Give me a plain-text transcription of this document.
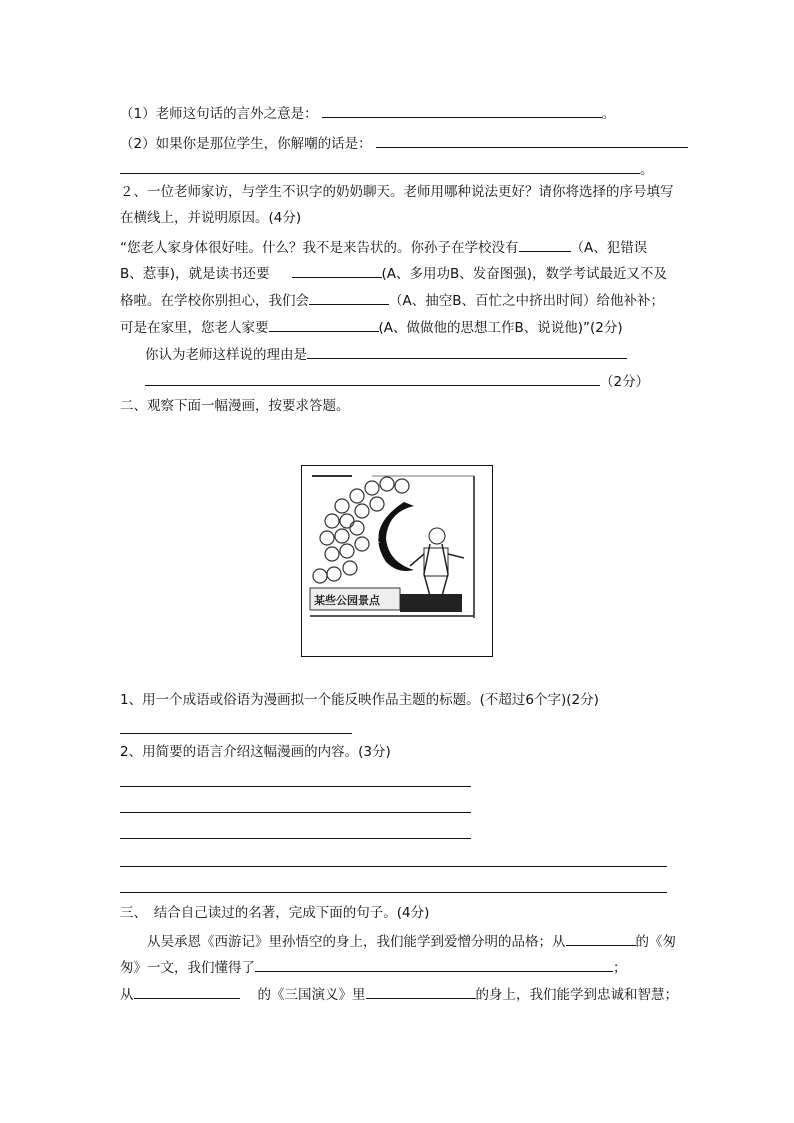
（1）老师这句话的言外之意是：	。
（2）如果你是那位学生，你解嘲的话是：
。
２、一位老师家访，与学生不识字的奶奶聊天。老师用哪种说法更好？请你将选择的序号填写
在横线上，并说明原因。(4分)
“您老人家身体很好哇。什么？我不是来告状的。你孙子在学校没有	（A、犯错误
B、惹事)，就是读书还要	(A、多用功B、发奋图强)，数学考试最近又不及
格啦。在学校你别担心，我们会	（A、抽空B、百忙之中挤出时间）给他补补；
可是在家里，您老人家要	(A、做做他的思想工作B、说说他)”(2分)
你认为老师这样说的理由是
（2分）
二、观察下面一幅漫画，按要求答题。
票价
某些公园景点
1、用一个成语或俗语为漫画拟一个能反映作品主题的标题。(不超过6个字)(2分)
2、用简要的语言介绍这幅漫画的内容。(3分)
三、　结合自己读过的名著，完成下面的句子。(4分)
从吴承恩《西游记》里孙悟空的身上，我们能学到爱憎分明的品格；从	的《匆
匆》一文，我们懂得了	；
从	的《三国演义》里	的身上，我们能学到忠诚和智慧；
